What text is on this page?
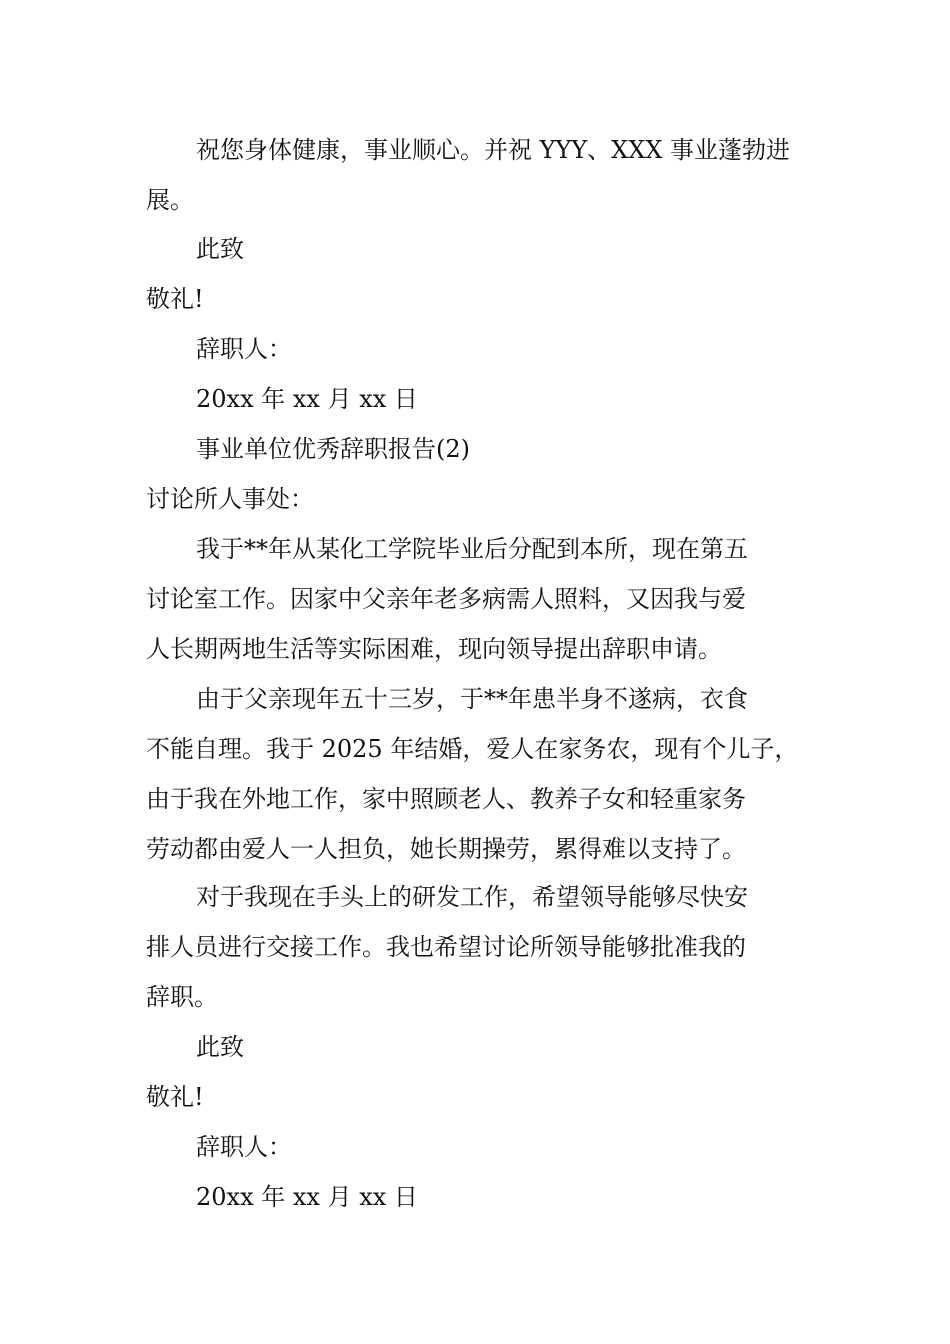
祝您身体健康，事业顺心。并祝 YYY、XXX 事业蓬勃进
展。
此致
敬礼!
辞职人：
20xx 年 xx 月 xx 日
事业单位优秀辞职报告(2)
讨论所人事处：
我于**年从某化工学院毕业后分配到本所，现在第五
讨论室工作。因家中父亲年老多病需人照料，又因我与爱
人长期两地生活等实际困难，现向领导提出辞职申请。
由于父亲现年五十三岁，于**年患半身不遂病，衣食
不能自理。我于 2025 年结婚，爱人在家务农，现有个儿子，
由于我在外地工作，家中照顾老人、教养子女和轻重家务
劳动都由爱人一人担负，她长期操劳，累得难以支持了。
对于我现在手头上的研发工作，希望领导能够尽快安
排人员进行交接工作。我也希望讨论所领导能够批准我的
辞职。
此致
敬礼!
辞职人：
20xx 年 xx 月 xx 日
